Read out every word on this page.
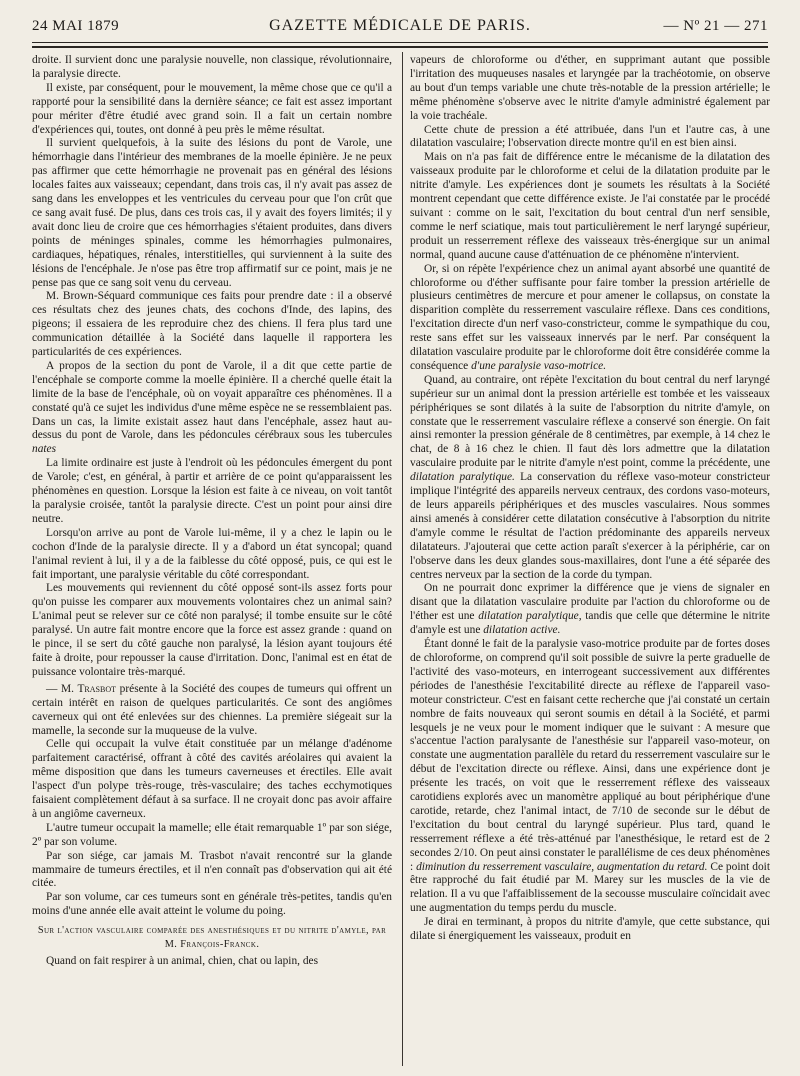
24 MAI 1879	GAZETTE MÉDICALE DE PARIS.	— Nº 21 — 271

droite. Il survient donc une paralysie nouvelle, non classique, révolutionnaire, la paralysie directe.

Il existe, par conséquent, pour le mouvement, la même chose que ce qu'il a rapporté pour la sensibilité dans la dernière séance; ce fait est assez important pour mériter d'être étudié avec grand soin. Il a fait un certain nombre d'expériences qui, toutes, ont donné à peu près le même résultat.

Il survient quelquefois, à la suite des lésions du pont de Varole, une hémorrhagie dans l'intérieur des membranes de la moelle épinière. Je ne peux pas affirmer que cette hémorrhagie ne provenait pas en général des lésions locales faites aux vaisseaux; cependant, dans trois cas, il n'y avait pas assez de sang dans les enveloppes et les ventricules du cerveau pour que l'on crût que ce sang avait fusé. De plus, dans ces trois cas, il y avait des foyers limités; il y avait donc lieu de croire que ces hémorrhagies s'étaient produites, dans divers points de méninges spinales, comme les hémorrhagies pulmonaires, cardiaques, hépatiques, rénales, interstitielles, qui surviennent à la suite des lésions de l'encéphale. Je n'ose pas être trop affirmatif sur ce point, mais je ne pense pas que ce sang soit venu du cerveau.

M. Brown-Séquard communique ces faits pour prendre date : il a observé ces résultats chez des jeunes chats, des cochons d'Inde, des lapins, des pigeons; il essaiera de les reproduire chez des chiens. Il fera plus tard une communication détaillée à la Société dans laquelle il rapportera les particularités de ces expériences.

A propos de la section du pont de Varole, il a dit que cette partie de l'encéphale se comporte comme la moelle épinière. Il a cherché quelle était la limite de la base de l'encéphale, où on voyait apparaître ces phénomènes. Il a constaté qu'à ce sujet les individus d'une même espèce ne se ressemblaient pas. Dans un cas, la limite existait assez haut dans l'encéphale, assez haut au-dessus du pont de Varole, dans les pédoncules cérébraux sous les tubercules nates

La limite ordinaire est juste à l'endroit où les pédoncules émergent du pont de Varole; c'est, en général, à partir et arrière de ce point qu'apparaissent les phénomènes en question. Lorsque la lésion est faite à ce niveau, on voit tantôt la paralysie croisée, tantôt la paralysie directe. C'est un point pour ainsi dire neutre.

Lorsqu'on arrive au pont de Varole lui-même, il y a chez le lapin ou le cochon d'Inde de la paralysie directe. Il y a d'abord un état syncopal; quand l'animal revient à lui, il y a de la faiblesse du côté opposé, puis, ce qui est le fait important, une paralysie véritable du côté correspondant.

Les mouvements qui reviennent du côté opposé sont-ils assez forts pour qu'on puisse les comparer aux mouvements volontaires chez un animal sain? L'animal peut se relever sur ce côté non paralysé; il tombe ensuite sur le côté paralysé. Un autre fait montre encore que la force est assez grande : quand on le pince, il se sert du côté gauche non paralysé, la lésion ayant toujours été faite à droite, pour repousser la cause d'irritation. Donc, l'animal est en état de puissance volontaire très-marqué.

— M. Trasbot présente à la Société des coupes de tumeurs qui offrent un certain intérêt en raison de quelques particularités. Ce sont des angiômes caverneux qui ont été enlevées sur des chiennes. La première siégeait sur la mamelle, la seconde sur la muqueuse de la vulve.

Celle qui occupait la vulve était constituée par un mélange d'adénome parfaitement caractérisé, offrant à côté des cavités aréolaires qui avaient la même disposition que dans les tumeurs caverneuses et érectiles. Elle avait l'aspect d'un polype très-rouge, très-vasculaire; des taches ecchymotiques faisaient complètement défaut à sa surface. Il ne croyait donc pas avoir affaire à un angiôme caverneux.

L'autre tumeur occupait la mamelle; elle était remarquable 1º par son siége, 2º par son volume.

Par son siége, car jamais M. Trasbot n'avait rencontré sur la glande mammaire de tumeurs érectiles, et il n'en connaît pas d'observation qui ait été citée.

Par son volume, car ces tumeurs sont en générale très-petites, tandis qu'en moins d'une année elle avait atteint le volume du poing.

Sur l'action vasculaire comparée des anesthésiques et du nitrite d'amyle, par M. François-Franck.

Quand on fait respirer à un animal, chien, chat ou lapin, des

vapeurs de chloroforme ou d'éther, en supprimant autant que possible l'irritation des muqueuses nasales et laryngée par la trachéotomie, on observe au bout d'un temps variable une chute très-notable de la pression artérielle; le même phénomène s'observe avec le nitrite d'amyle administré également par la voie trachéale.

Cette chute de pression a été attribuée, dans l'un et l'autre cas, à une dilatation vasculaire; l'observation directe montre qu'il en est bien ainsi.

Mais on n'a pas fait de différence entre le mécanisme de la dilatation des vaisseaux produite par le chloroforme et celui de la dilatation produite par le nitrite d'amyle. Les expériences dont je soumets les résultats à la Société montrent cependant que cette différence existe. Je l'ai constatée par le procédé suivant : comme on le sait, l'excitation du bout central d'un nerf sensible, comme le nerf sciatique, mais tout particulièrement le nerf laryngé supérieur, produit un resserrement réflexe des vaisseaux très-énergique sur un animal normal, quand aucune cause d'atténuation de ce phénomène n'intervient.

Or, si on répète l'expérience chez un animal ayant absorbé une quantité de chloroforme ou d'éther suffisante pour faire tomber la pression artérielle de plusieurs centimètres de mercure et pour amener le collapsus, on constate la disparition complète du resserrement vasculaire réflexe. Dans ces conditions, l'excitation directe d'un nerf vaso-constricteur, comme le sympathique du cou, reste sans effet sur les vaisseaux innervés par le nerf. Par conséquent la dilatation vasculaire produite par le chloroforme doit être considérée comme la conséquence d'une paralysie vaso-motrice.

Quand, au contraire, ont répète l'excitation du bout central du nerf laryngé supérieur sur un animal dont la pression artérielle est tombée et les vaisseaux périphériques se sont dilatés à la suite de l'absorption du nitrite d'amyle, on constate que le resserrement vasculaire réflexe a conservé son énergie. On fait ainsi remonter la pression générale de 8 centimètres, par exemple, à 14 chez le chat, de 8 à 16 chez le chien. Il faut dès lors admettre que la dilatation vasculaire produite par le nitrite d'amyle n'est point, comme la précédente, une dilatation paralytique. La conservation du réflexe vaso-moteur constricteur implique l'intégrité des appareils nerveux centraux, des cordons vaso-moteurs, de leurs appareils périphériques et des muscles vasculaires. Nous sommes ainsi amenés à considérer cette dilatation consécutive à l'absorption du nitrite d'amyle comme le résultat de l'action prédominante des appareils nerveux dilatateurs. J'ajouterai que cette action paraît s'exercer à la périphérie, car on l'observe dans les deux glandes sous-maxillaires, dont l'une a été séparée des centres nerveux par la section de la corde du tympan.

On ne pourrait donc exprimer la différence que je viens de signaler en disant que la dilatation vasculaire produite par l'action du chloroforme ou de l'éther est une dilatation paralytique, tandis que celle que détermine le nitrite d'amyle est une dilatation active.

Étant donné le fait de la paralysie vaso-motrice produite par de fortes doses de chloroforme, on comprend qu'il soit possible de suivre la perte graduelle de l'activité des vaso-moteurs, en interrogeant successivement aux différentes périodes de l'anesthésie l'excitabilité directe au réflexe de l'appareil vaso-moteur constricteur. C'est en faisant cette recherche que j'ai constaté un certain nombre de faits nouveaux qui seront soumis en détail à la Société, et parmi lesquels je ne veux pour le moment indiquer que le suivant : A mesure que s'accentue l'action paralysante de l'anesthésie sur l'appareil vaso-moteur, on constate une augmentation parallèle du retard du resserrement vasculaire sur le début de l'excitation directe ou réflexe. Ainsi, dans une expérience dont je présente les tracés, on voit que le resserrement réflexe des vaisseaux carotidiens explorés avec un manomètre appliqué au bout périphérique d'une carotide, retarde, chez l'animal intact, de 7/10 de seconde sur le début de l'excitation du bout central du laryngé supérieur. Plus tard, quand le resserrement réflexe a été très-atténué par l'anesthésique, le retard est de 2 secondes 2/10. On peut ainsi constater le parallélisme de ces deux phénomènes : diminution du resserrement vasculaire, augmentation du retard. Ce point doit être rapproché du fait étudié par M. Marey sur les muscles de la vie de relation. Il a vu que l'affaiblissement de la secousse musculaire coïncidait avec une augmentation du temps perdu du muscle.

Je dirai en terminant, à propos du nitrite d'amyle, que cette substance, qui dilate si énergiquement les vaisseaux, produit en
